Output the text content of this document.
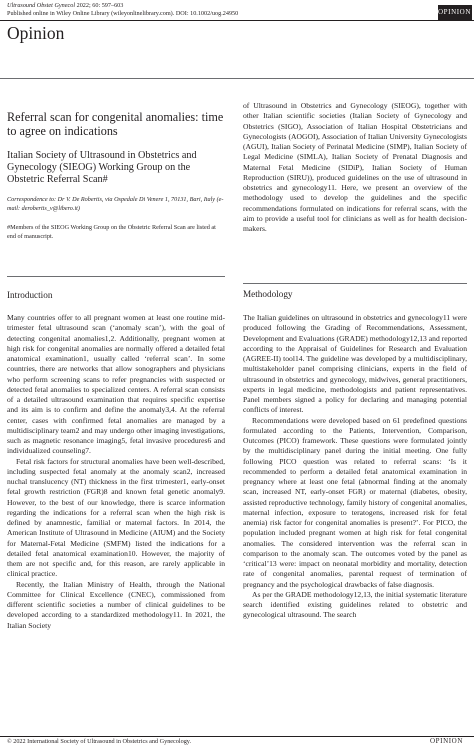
Ultrasound Obstet Gynecol 2022; 60: 597–603
Published online in Wiley Online Library (wileyonlinelibrary.com). DOI: 10.1002/uog.24950	OPINION
Opinion
Referral scan for congenital anomalies: time to agree on indications
Italian Society of Ultrasound in Obstetrics and Gynecology (SIEOG) Working Group on the Obstetric Referral Scan#
Correspondence to: Dr V. De Robertis, via Ospedale Di Venere 1, 70131, Bari, Italy (e-mail: derobertis_v@libero.it)
#Members of the SIEOG Working Group on the Obstetric Referral Scan are listed at end of manuscript.
Introduction

Many countries offer to all pregnant women at least one routine mid-trimester fetal ultrasound scan (‘anomaly scan’), with the goal of detecting congenital anomalies1,2. Additionally, pregnant women at high risk for congenital anomalies are normally offered a detailed fetal anatomical examination1, usually called ‘referral scan’. In some countries, there are networks that allow sonographers and physicians who perform screening scans to refer pregnancies with suspected or detected fetal anomalies to specialized centers. A referral scan consists of a detailed ultrasound examination that requires specific expertise and its aim is to confirm and define the anomaly3,4. At the referral center, cases with confirmed fetal anomalies are managed by a multidisciplinary team2 and may undergo other imaging investigations, such as magnetic resonance imaging5, fetal invasive procedures6 and individualized counseling7.

Fetal risk factors for structural anomalies have been well-described, including suspected fetal anomaly at the anomaly scan2, increased nuchal translucency (NT) thickness in the first trimester1, early-onset fetal growth restriction (FGR)8 and known fetal genetic anomaly9. However, to the best of our knowledge, there is scarce information regarding the indications for a referral scan when the high risk is defined by anamnestic, familial or maternal factors. In 2014, the American Institute of Ultrasound in Medicine (AIUM) and the Society for Maternal-Fetal Medicine (SMFM) listed the indications for a detailed fetal anatomical examination10. However, the majority of them are not specific and, for this reason, are rarely applicable in clinical practice.

Recently, the Italian Ministry of Health, through the National Committee for Clinical Excellence (CNEC), commissioned from different scientific societies a number of clinical guidelines to be developed according to a standardized methodology11. In 2021, the Italian Society

of Ultrasound in Obstetrics and Gynecology (SIEOG), together with other Italian scientific societies (Italian Society of Gynecology and Obstetrics (SIGO), Association of Italian Hospital Obstetricians and Gynecologists (AOGOI), Association of Italian University Gynecologists (AGUI), Italian Society of Perinatal Medicine (SIMP), Italian Society of Legal Medicine (SIMLA), Italian Society of Prenatal Diagnosis and Maternal Fetal Medicine (SIDiP), Italian Society of Human Reproduction (SIRU)), produced guidelines on the use of ultrasound in obstetrics and gynecology11. Here, we present an overview of the methodology used to develop the guidelines and the specific recommendations formulated on indications for referral scans, with the aim to provide a useful tool for clinicians as well as for health decision-makers.

Methodology

The Italian guidelines on ultrasound in obstetrics and gynecology11 were produced following the Grading of Recommendations, Assessment, Development and Evaluations (GRADE) methodology12,13 and reported according to the Appraisal of Guidelines for Research and Evaluation (AGREE-II) tool14. The guideline was developed by a multidisciplinary, multistakeholder panel comprising clinicians, experts in the field of ultrasound in obstetrics and gynecology, midwives, general practitioners, experts in legal medicine, methodologists and patient representatives. Panel members signed a policy for declaring and managing potential conflicts of interest.

Recommendations were developed based on 61 predefined questions formulated according to the Patients, Intervention, Comparison, Outcomes (PICO) framework. These questions were formulated jointly by the multidisciplinary panel during the initial meeting. One fully following PICO question was related to referral scans: ‘Is it recommended to perform a detailed fetal anatomical examination in pregnancy where at least one fetal (abnormal finding at the anomaly scan, increased NT, early-onset FGR) or maternal (diabetes, obesity, assisted reproductive technology, family history of congenital anomalies, maternal infection, exposure to teratogens, increased risk for fetal anemia) risk factor for congenital anomalies is present?’. For PICO, the population included pregnant women at high risk for fetal congenital anomalies. The considered intervention was the referral scan in comparison to the anomaly scan. The outcomes voted by the panel as ‘critical’13 were: impact on neonatal morbidity and mortality, detection rate of congenital anomalies, parental request of termination of pregnancy and the psychological drawbacks of false diagnosis.

As per the GRADE methodology12,13, the initial systematic literature search identified existing guidelines related to obstetric and gynecological ultrasound. The search

© 2022 International Society of Ultrasound in Obstetrics and Gynecology.	OPINION
